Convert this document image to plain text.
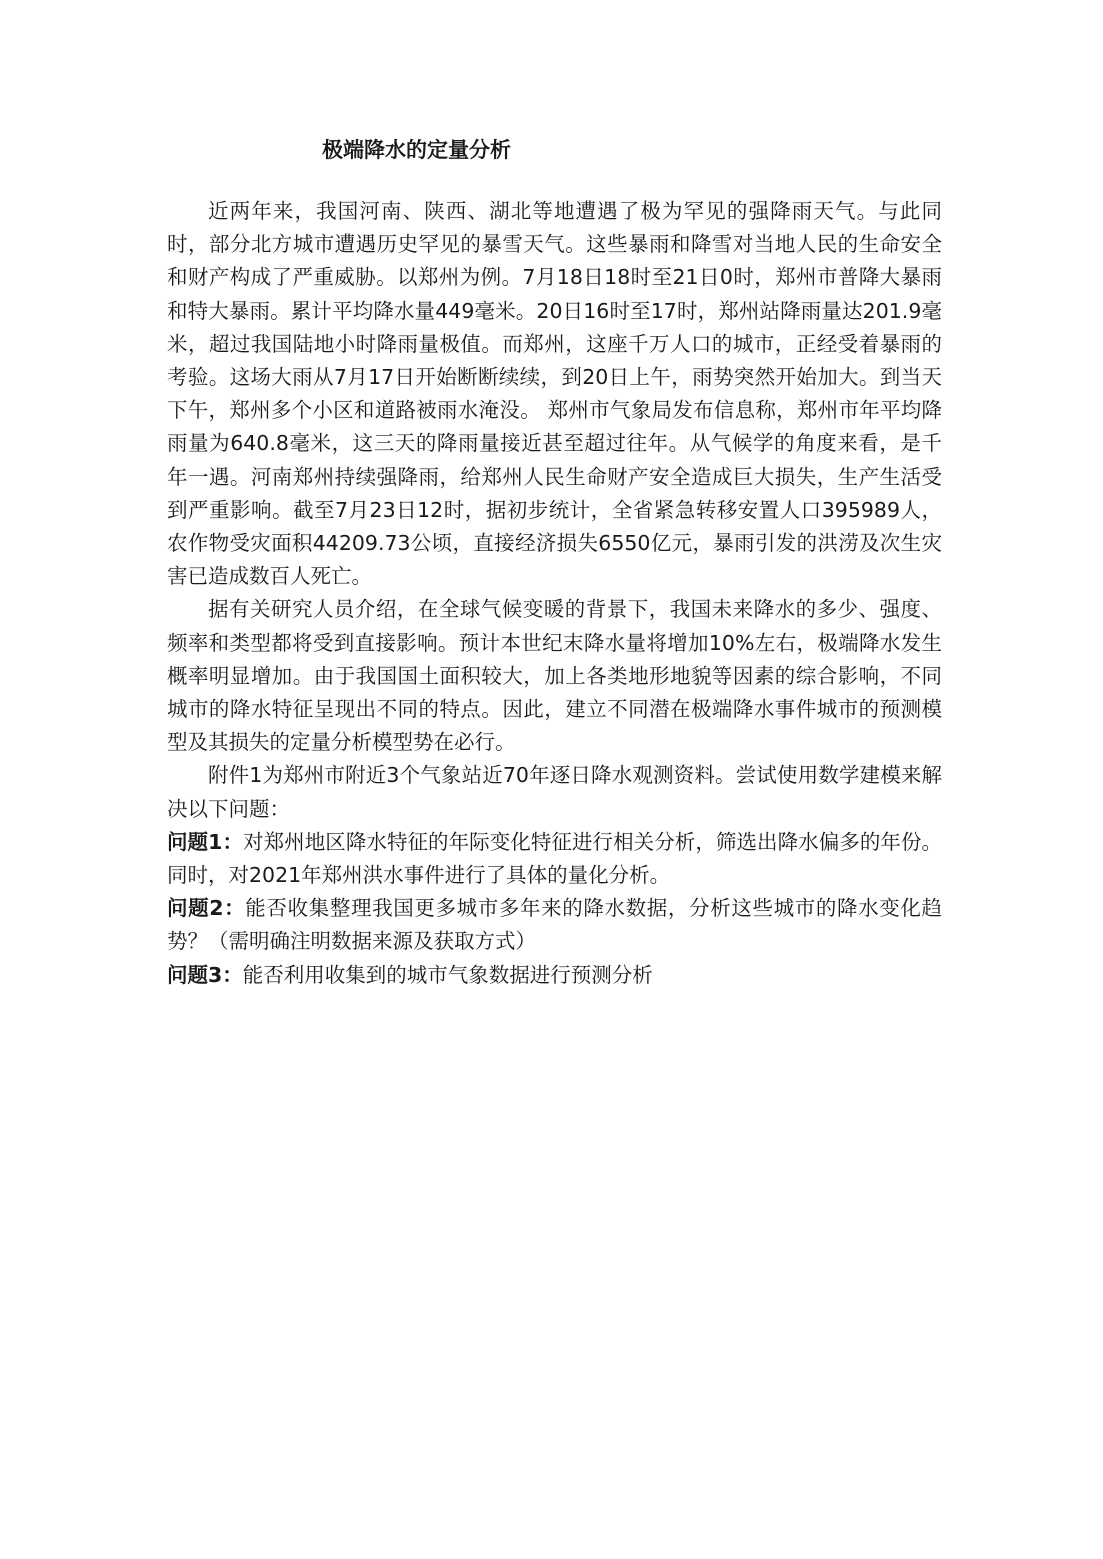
极端降水的定量分析

近两年来，我国河南、陕西、湖北等地遭遇了极为罕见的强降雨天气。与此同时，部分北方城市遭遇历史罕见的暴雪天气。这些暴雨和降雪对当地人民的生命安全和财产构成了严重威胁。以郑州为例。7月18日18时至21日0时，郑州市普降大暴雨和特大暴雨。累计平均降水量449毫米。20日16时至17时，郑州站降雨量达201.9毫米，超过我国陆地小时降雨量极值。而郑州，这座千万人口的城市，正经受着暴雨的考验。这场大雨从7月17日开始断断续续，到20日上午，雨势突然开始加大。到当天下午，郑州多个小区和道路被雨水淹没。 郑州市气象局发布信息称，郑州市年平均降雨量为640.8毫米，这三天的降雨量接近甚至超过往年。从气候学的角度来看，是千年一遇。河南郑州持续强降雨，给郑州人民生命财产安全造成巨大损失，生产生活受到严重影响。截至7月23日12时，据初步统计，全省紧急转移安置人口395989人，农作物受灾面积44209.73公顷，直接经济损失6550亿元，暴雨引发的洪涝及次生灾害已造成数百人死亡。

据有关研究人员介绍，在全球气候变暖的背景下，我国未来降水的多少、强度、频率和类型都将受到直接影响。预计本世纪末降水量将增加10%左右，极端降水发生概率明显增加。由于我国国土面积较大，加上各类地形地貌等因素的综合影响，不同城市的降水特征呈现出不同的特点。因此，建立不同潜在极端降水事件城市的预测模型及其损失的定量分析模型势在必行。

附件1为郑州市附近3个气象站近70年逐日降水观测资料。尝试使用数学建模来解决以下问题：

问题1：对郑州地区降水特征的年际变化特征进行相关分析，筛选出降水偏多的年份。同时，对2021年郑州洪水事件进行了具体的量化分析。

问题2：能否收集整理我国更多城市多年来的降水数据，分析这些城市的降水变化趋势？（需明确注明数据来源及获取方式）

问题3：能否利用收集到的城市气象数据进行预测分析
